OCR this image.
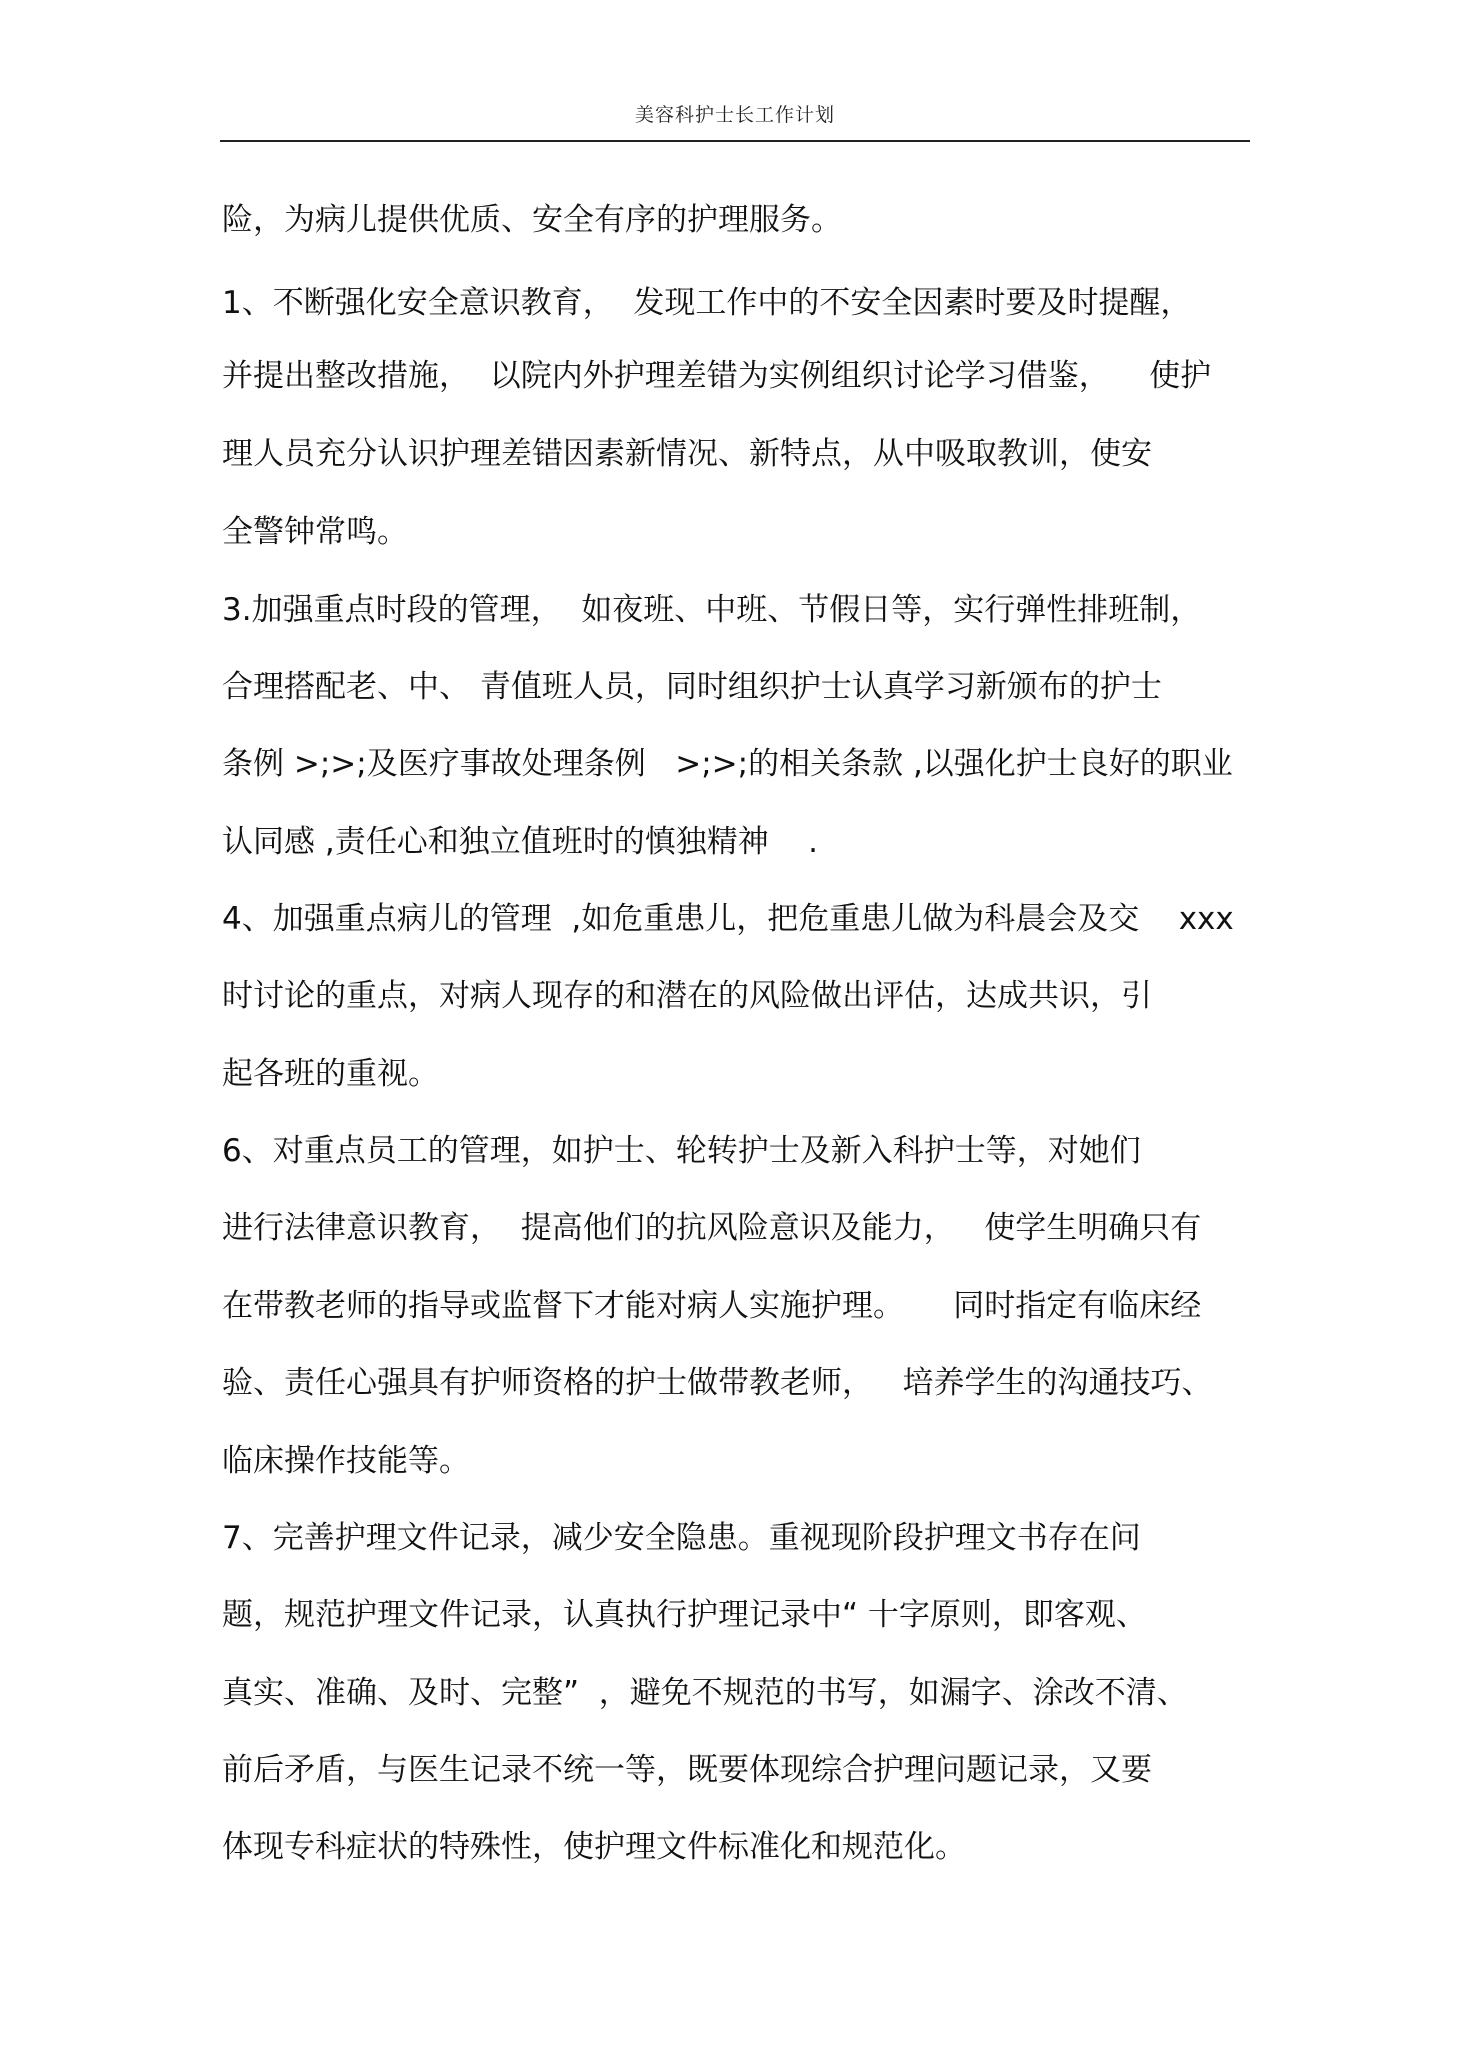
美容科护士长工作计划
险，为病儿提供优质、安全有序的护理服务。
1、不断强化安全意识教育，  发现工作中的不安全因素时要及时提醒，
并提出整改措施，  以院内外护理差错为实例组织讨论学习借鉴，    使护
理人员充分认识护理差错因素新情况、新特点，从中吸取教训，使安
全警钟常鸣。
3.加强重点时段的管理，  如夜班、中班、节假日等，实行弹性排班制，
合理搭配老、中、 青值班人员，同时组织护士认真学习新颁布的护士
条例 >;>;及医疗事故处理条例   >;>;的相关条款 ,以强化护士良好的职业
认同感 ,责任心和独立值班时的慎独精神    .
4、加强重点病儿的管理  ,如危重患儿，把危重患儿做为科晨会及交    xxx
时讨论的重点，对病人现存的和潜在的风险做出评估，达成共识，引
起各班的重视。
6、对重点员工的管理，如护士、轮转护士及新入科护士等，对她们
进行法律意识教育，  提高他们的抗风险意识及能力，   使学生明确只有
在带教老师的指导或监督下才能对病人实施护理。     同时指定有临床经
验、责任心强具有护师资格的护士做带教老师，   培养学生的沟通技巧、
临床操作技能等。
7、完善护理文件记录，减少安全隐患。重视现阶段护理文书存在问
题，规范护理文件记录，认真执行护理记录中“ 十字原则，即客观、
真实、准确、及时、完整”  ，避免不规范的书写，如漏字、涂改不清、
前后矛盾，与医生记录不统一等，既要体现综合护理问题记录，又要
体现专科症状的特殊性，使护理文件标准化和规范化。
